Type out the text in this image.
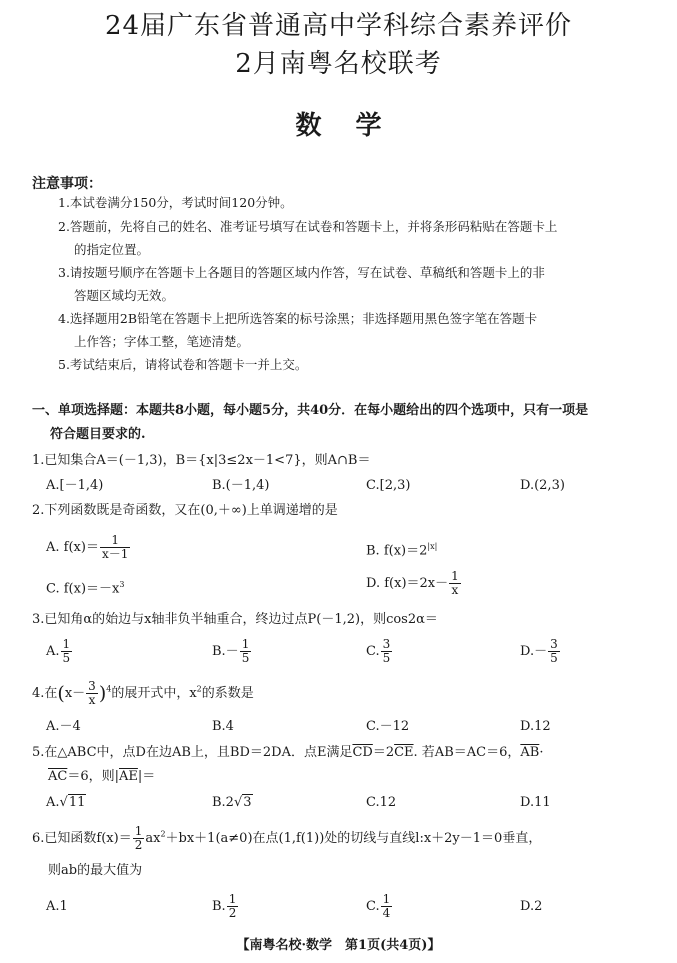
24届广东省普通高中学科综合素养评价
2月南粤名校联考
数学
注意事项：
1.本试卷满分150分，考试时间120分钟。
2.答题前，先将自己的姓名、准考证号填写在试卷和答题卡上，并将条形码粘贴在答题卡上
的指定位置。
3.请按题号顺序在答题卡上各题目的答题区域内作答，写在试卷、草稿纸和答题卡上的非
答题区域均无效。
4.选择题用2B铅笔在答题卡上把所选答案的标号涂黑；非选择题用黑色签字笔在答题卡
上作答；字体工整，笔迹清楚。
5.考试结束后，请将试卷和答题卡一并上交。
一、单项选择题：本题共8小题，每小题5分，共40分．在每小题给出的四个选项中，只有一项是
符合题目要求的.
1.已知集合A＝(－1,3)，B＝{x|3≤2x－1<7}，则A∩B＝
A.[－1,4)	B.(－1,4)	C.[2,3)	D.(2,3)
2.下列函数既是奇函数，又在(0,＋∞)上单调递增的是
A. $f(x)= \frac{1}{x-1}$	B. $f(x)=2^{|x|}$
C. $f(x)=-x^3$	D. $f(x)=2x- \frac{1}{x}$
3.已知角α的始边与x轴非负半轴重合，终边过点P(－1,2)，则cos2α＝
A. $\frac{1}{5}$	$B.- \frac{1}{5}$	C. $\frac{3}{5}$	$D.- \frac{3}{5}$
4.在$(x- \frac{3}{x} )^4$的展开式中，$x^2$的系数是
A.－4	B.4	C.－12	D.12
5.在△ABC中，点D在边AB上，且BD＝2DA．点E满足$\overline{CD}=2\overline{CE}$. 若AB＝AC＝6，$\overline{AB}\cdot$
$\overline{AC}=6$，则$|\overline{AE}|=$
A.√11	B.2√3	C.12	D.11
6.已知函数$f(x)= \frac{1}{2} ax^2+bx+1(a\ne 0)$在点(1,f(1))处的切线与直线l:x＋2y－1＝0垂直，
则ab的最大值为
A.1	B. $\frac{1}{2}$	C. $\frac{1}{4}$	D.2
【南粤名校·数学　第1页(共4页)】
